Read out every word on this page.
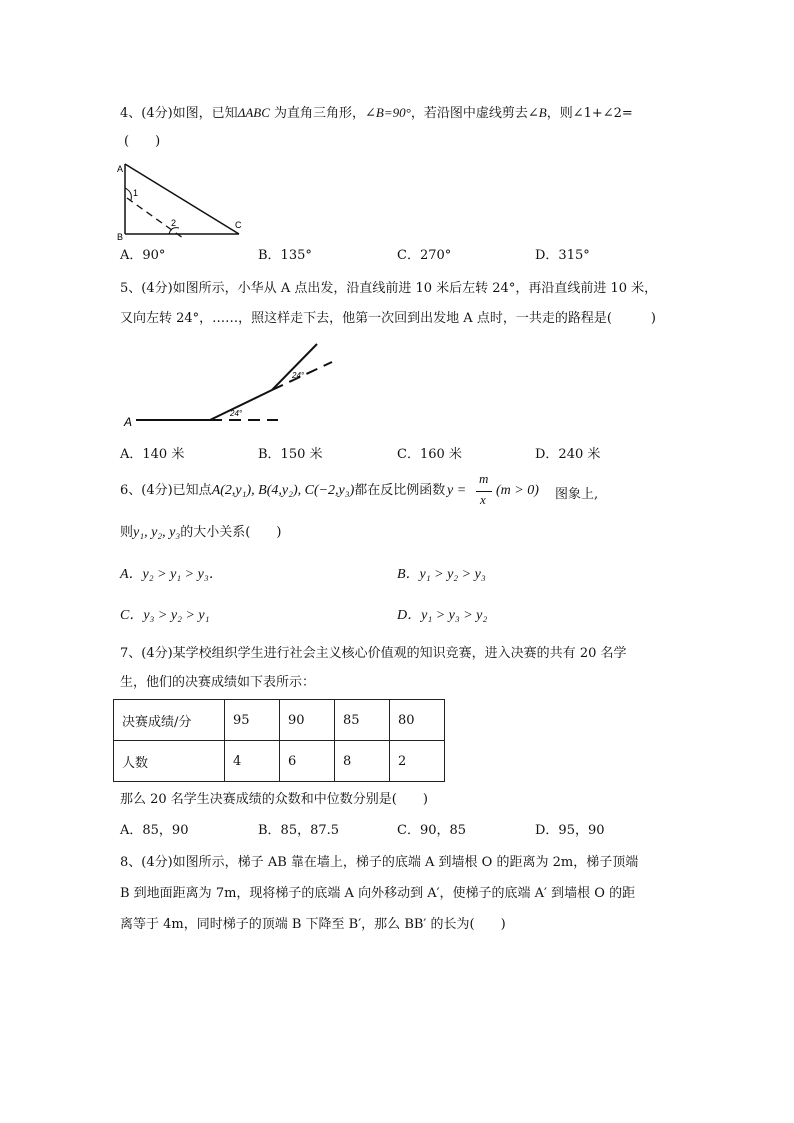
4、(4分)如图，已知ΔABC 为直角三角形，∠B=90°，若沿图中虚线剪去∠B，则∠1+∠2=
(　　)
A
B
C
1
2
A．90°	B．135°	C．270°	D．315°
5、(4分)如图所示，小华从 A 点出发，沿直线前进 10 米后左转 24°，再沿直线前进 10 米，
又向左转 24°，……，照这样走下去，他第一次回到出发地 A 点时，一共走的路程是(　　　)
A
24°
24°
A．140 米	B．150 米	C．160 米	D．240 米
6、(4分)已知点A(2,y₁), B(4,y₂), C(−2,y₃)都在反比例函数 y =
m
x
(m > 0) 图象上,
则y₁, y₂, y₃的大小关系(　　)
A．y₂ > y₁ > y₃．	B．y₁ > y₂ > y₃
C．y₃ > y₂ > y₁	D．y₁ > y₃ > y₂
7、(4分)某学校组织学生进行社会主义核心价值观的知识竞赛，进入决赛的共有 20 名学
生，他们的决赛成绩如下表所示：
决赛成绩/分	95	90	85	80
人数	4	6	8	2
那么 20 名学生决赛成绩的众数和中位数分别是(　　)
A．85，90	B．85，87.5	C．90，85	D．95，90
8、(4分)如图所示，梯子 AB 靠在墙上，梯子的底端 A 到墙根 O 的距离为 2m，梯子顶端
B 到地面距离为 7m，现将梯子的底端 A 向外移动到 A′，使梯子的底端 A′ 到墙根 O 的距
离等于 4m，同时梯子的顶端 B 下降至 B′，那么 BB′ 的长为(　　)
